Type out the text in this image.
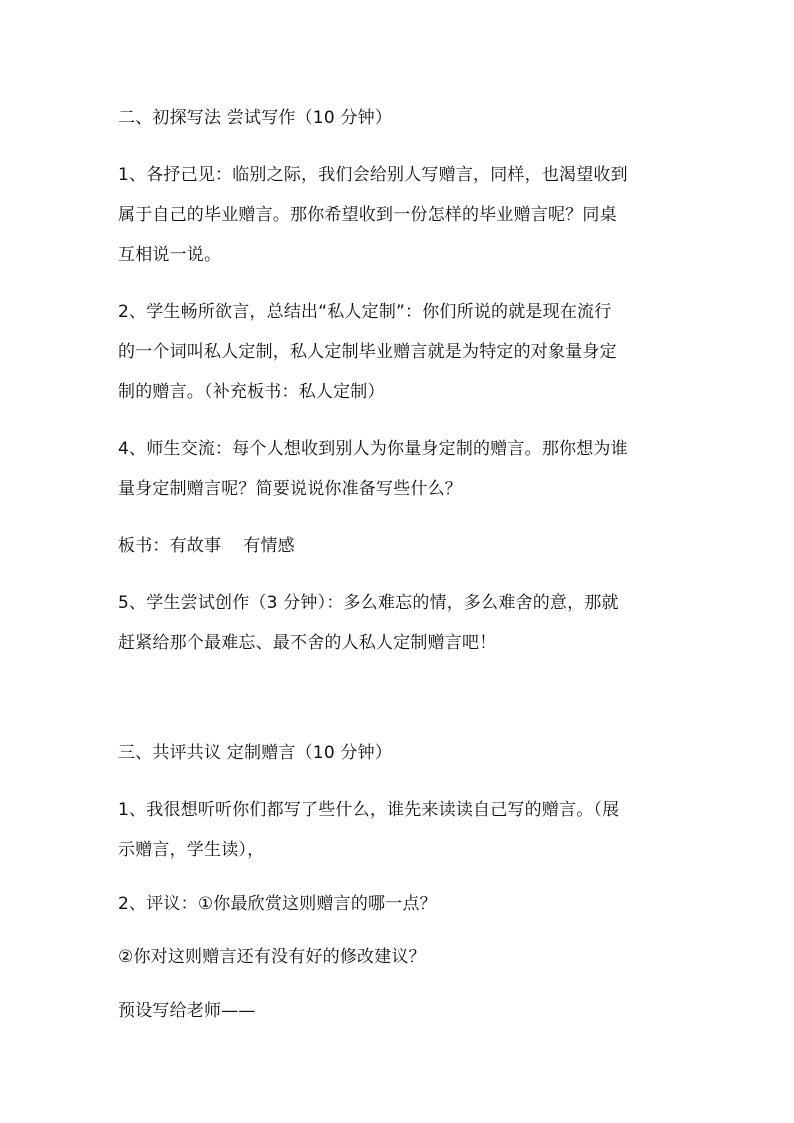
二、初探写法 尝试写作（10 分钟）
1、各抒己见：临别之际，我们会给别人写赠言，同样，也渴望收到
属于自己的毕业赠言。那你希望收到一份怎样的毕业赠言呢？同桌
互相说一说。
2、学生畅所欲言，总结出“私人定制”：你们所说的就是现在流行
的一个词叫私人定制，私人定制毕业赠言就是为特定的对象量身定
制的赠言。（补充板书：私人定制）
4、师生交流：每个人想收到别人为你量身定制的赠言。那你想为谁
量身定制赠言呢？简要说说你准备写些什么？
板书：有故事 有情感
5、学生尝试创作（3 分钟）：多么难忘的情，多么难舍的意，那就
赶紧给那个最难忘、最不舍的人私人定制赠言吧！
三、共评共议 定制赠言（10 分钟）
1、我很想听听你们都写了些什么，谁先来读读自己写的赠言。（展
示赠言，学生读），
2、评议：①你最欣赏这则赠言的哪一点？
②你对这则赠言还有没有好的修改建议？
预设写给老师——
